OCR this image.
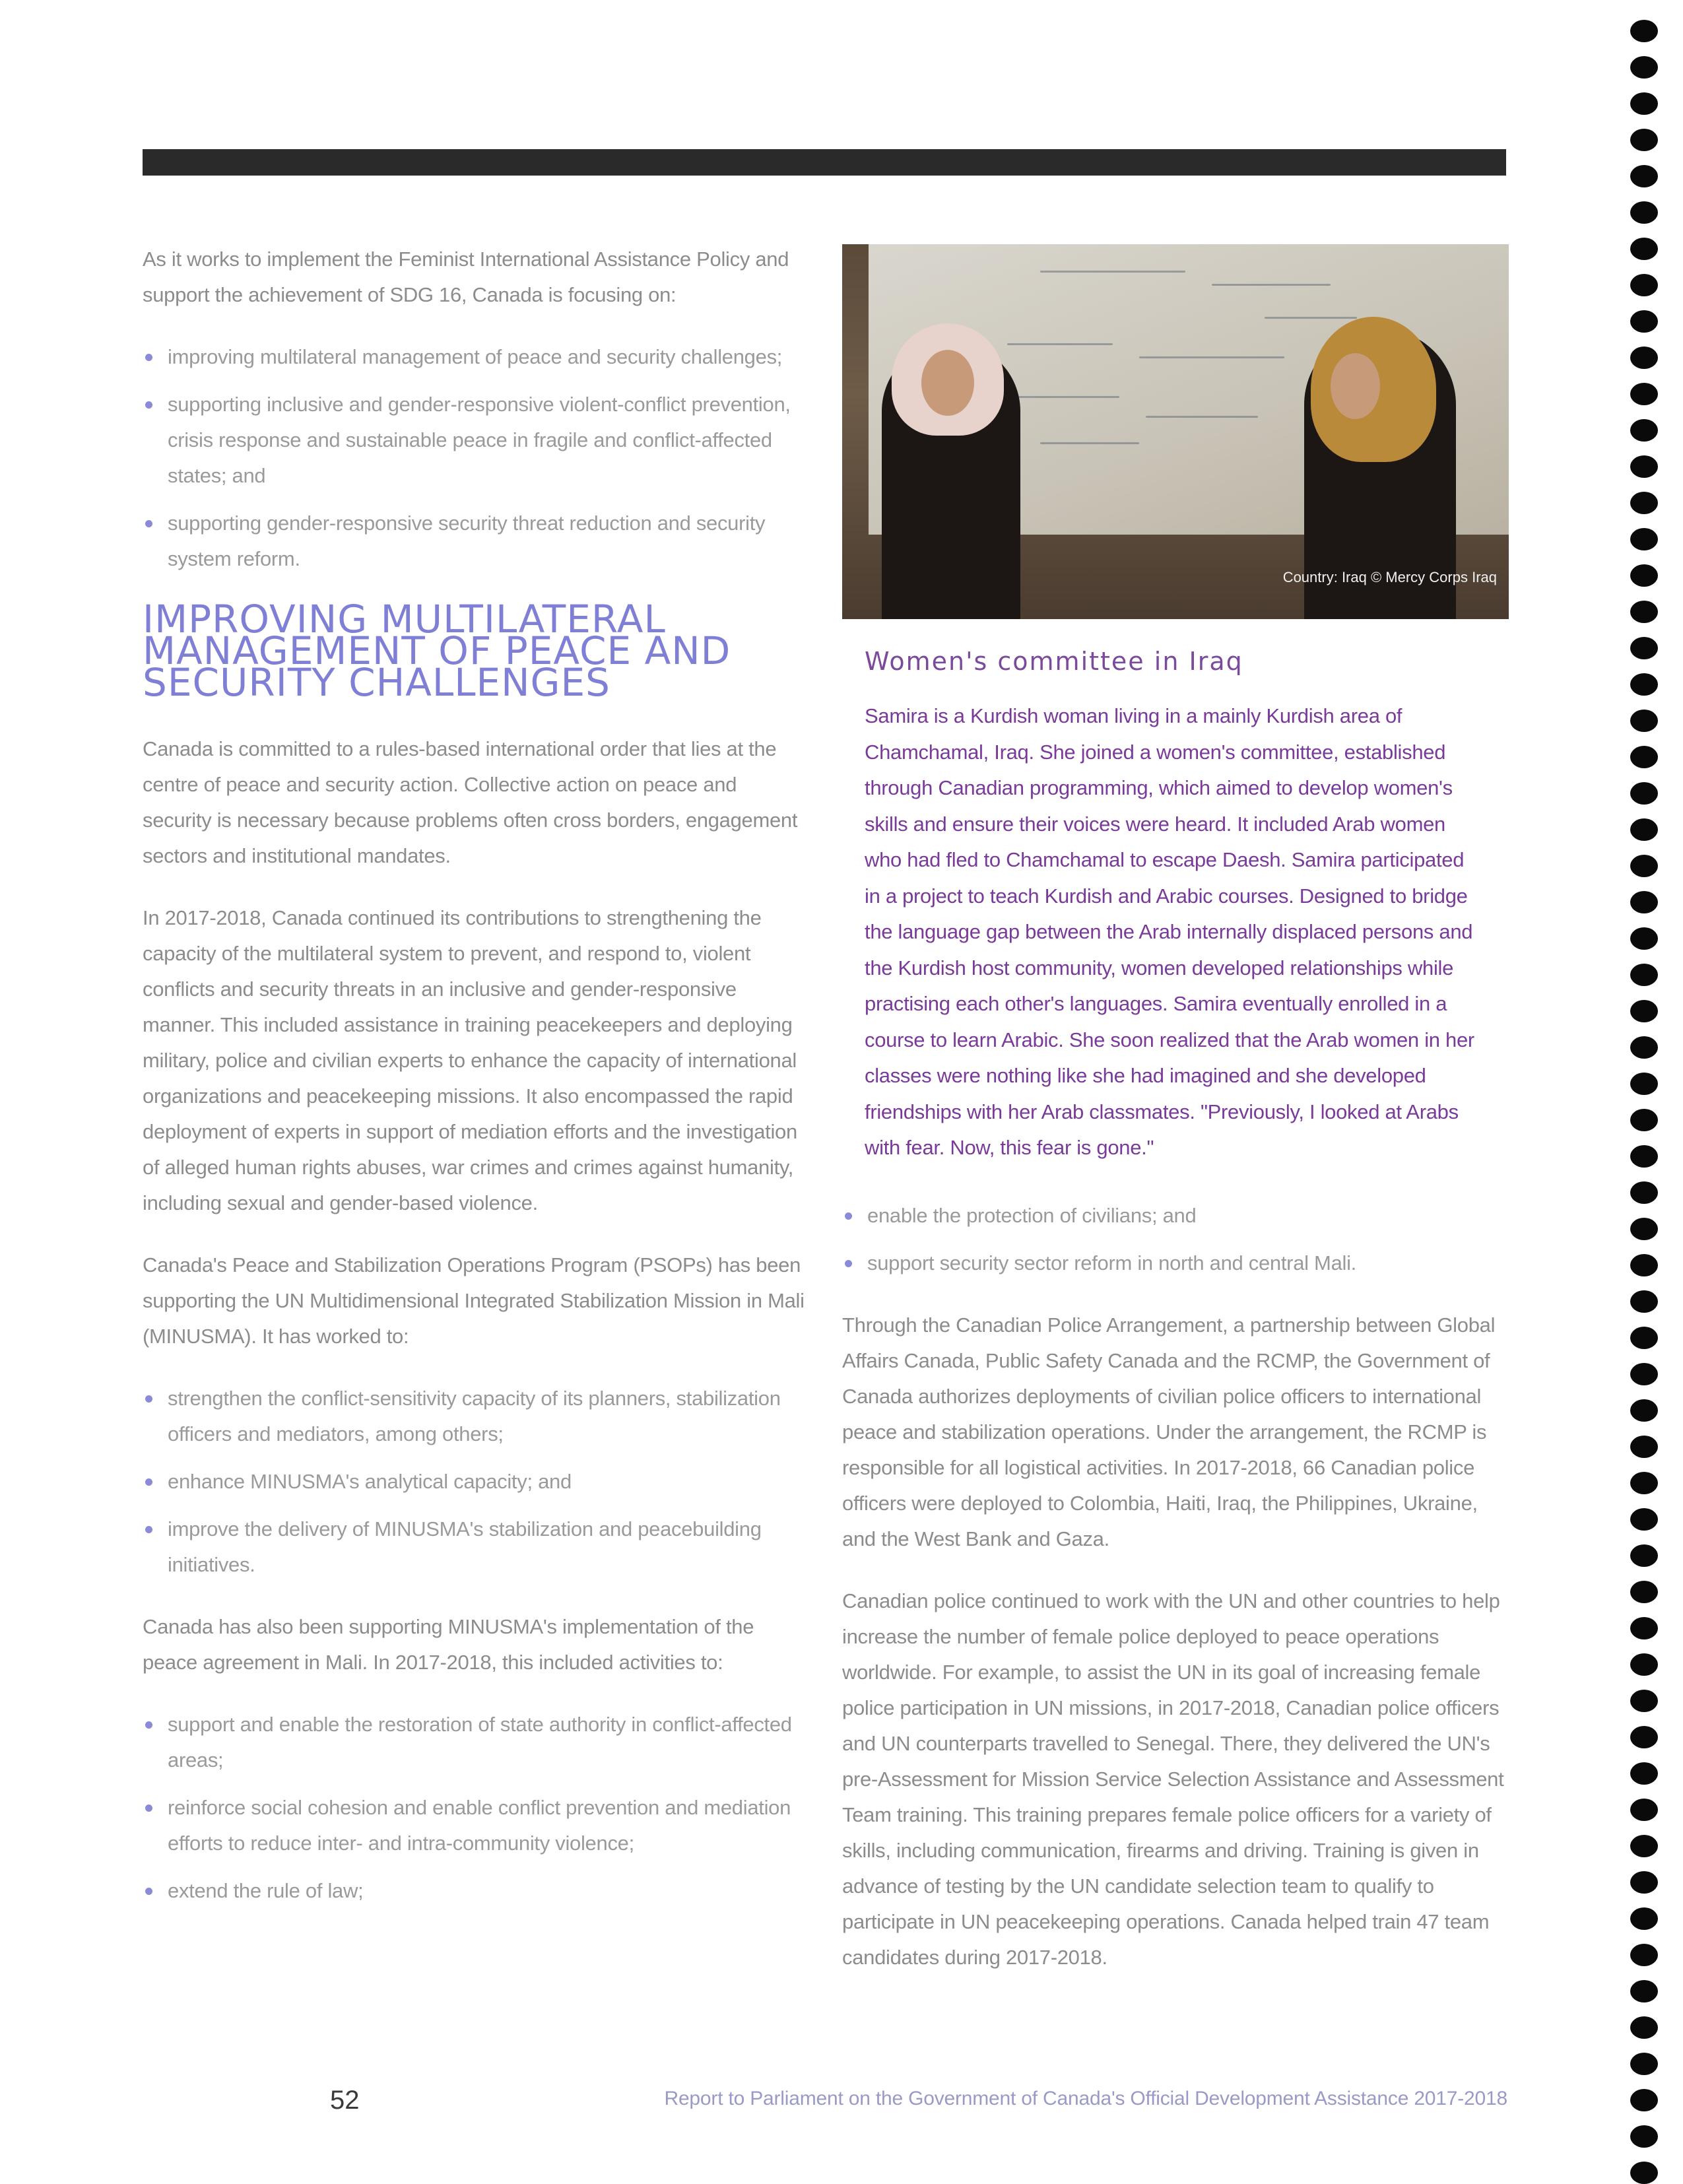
As it works to implement the Feminist International Assistance Policy and support the achievement of SDG 16, Canada is focusing on:

improving multilateral management of peace and security challenges;
supporting inclusive and gender-responsive violent-conflict prevention, crisis response and sustainable peace in fragile and conflict-affected states; and
supporting gender-responsive security threat reduction and security system reform.
IMPROVING MULTILATERAL MANAGEMENT OF PEACE AND SECURITY CHALLENGES

Canada is committed to a rules-based international order that lies at the centre of peace and security action. Collective action on peace and security is necessary because problems often cross borders, engagement sectors and institutional mandates.

In 2017-2018, Canada continued its contributions to strengthening the capacity of the multilateral system to prevent, and respond to, violent conflicts and security threats in an inclusive and gender-responsive manner. This included assistance in training peacekeepers and deploying military, police and civilian experts to enhance the capacity of international organizations and peacekeeping missions. It also encompassed the rapid deployment of experts in support of mediation efforts and the investigation of alleged human rights abuses, war crimes and crimes against humanity, including sexual and gender-based violence.

Canada's Peace and Stabilization Operations Program (PSOPs) has been supporting the UN Multidimensional Integrated Stabilization Mission in Mali (MINUSMA). It has worked to:

strengthen the conflict-sensitivity capacity of its planners, stabilization officers and mediators, among others;
enhance MINUSMA's analytical capacity; and
improve the delivery of MINUSMA's stabilization and peacebuilding initiatives.

Canada has also been supporting MINUSMA's implementation of the peace agreement in Mali. In 2017-2018, this included activities to:

support and enable the restoration of state authority in conflict-affected areas;
reinforce social cohesion and enable conflict prevention and mediation efforts to reduce inter- and intra-community violence;
extend the rule of law;
Country: Iraq © Mercy Corps Iraq
Women's committee in Iraq

Samira is a Kurdish woman living in a mainly Kurdish area of Chamchamal, Iraq. She joined a women's committee, established through Canadian programming, which aimed to develop women's skills and ensure their voices were heard. It included Arab women who had fled to Chamchamal to escape Daesh. Samira participated in a project to teach Kurdish and Arabic courses. Designed to bridge the language gap between the Arab internally displaced persons and the Kurdish host community, women developed relationships while practising each other's languages. Samira eventually enrolled in a course to learn Arabic. She soon realized that the Arab women in her classes were nothing like she had imagined and she developed friendships with her Arab classmates. "Previously, I looked at Arabs with fear. Now, this fear is gone."

enable the protection of civilians; and
support security sector reform in north and central Mali.

Through the Canadian Police Arrangement, a partnership between Global Affairs Canada, Public Safety Canada and the RCMP, the Government of Canada authorizes deployments of civilian police officers to international peace and stabilization operations. Under the arrangement, the RCMP is responsible for all logistical activities. In 2017-2018, 66 Canadian police officers were deployed to Colombia, Haiti, Iraq, the Philippines, Ukraine, and the West Bank and Gaza.

Canadian police continued to work with the UN and other countries to help increase the number of female police deployed to peace operations worldwide. For example, to assist the UN in its goal of increasing female police participation in UN missions, in 2017-2018, Canadian police officers and UN counterparts travelled to Senegal. There, they delivered the UN's pre-Assessment for Mission Service Selection Assistance and Assessment Team training. This training prepares female police officers for a variety of skills, including communication, firearms and driving. Training is given in advance of testing by the UN candidate selection team to qualify to participate in UN peacekeeping operations. Canada helped train 47 team candidates during 2017-2018.

52	Report to Parliament on the Government of Canada's Official Development Assistance 2017-2018
